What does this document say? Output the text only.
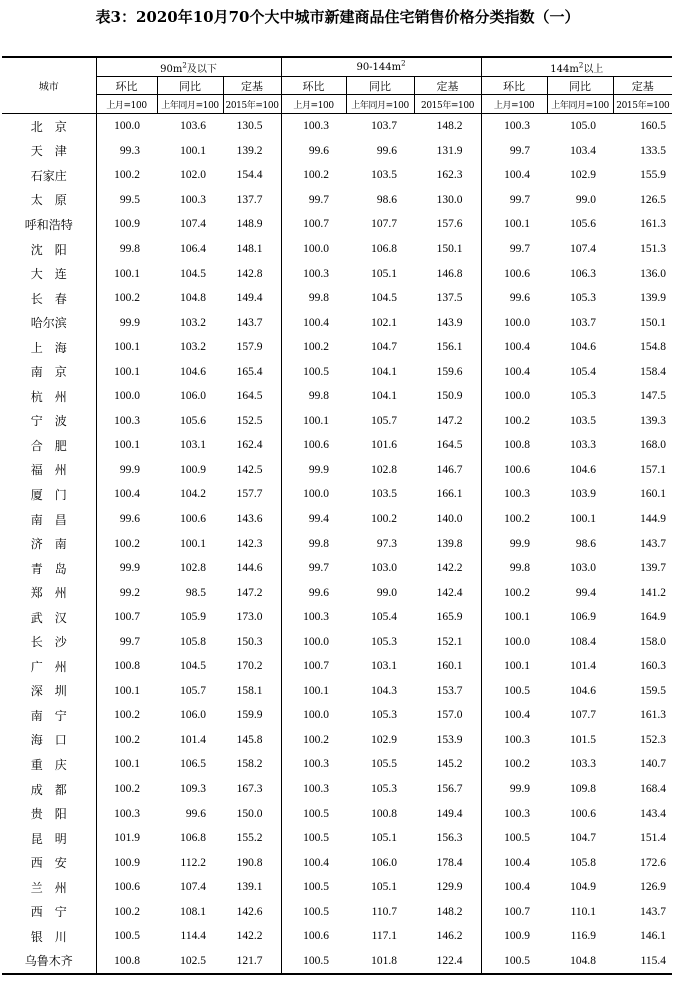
表3：2020年10月70个大中城市新建商品住宅销售价格分类指数（一）
城市	$90m^2$及以下			$90-144m^2$			$144m^2$以上		
	环比	同比	定基	环比	同比	定基	环比	同比	定基
	上月=100	上年同月=100	2015年=100	上月=100	上年同月=100	2015年=100	上月=100	上年同月=100	2015年=100
北　京	100.0	103.6	130.5	100.3	103.7	148.2	100.3	105.0	160.5
天　津	99.3	100.1	139.2	99.6	99.6	131.9	99.7	103.4	133.5
石家庄	100.2	102.0	154.4	100.2	103.5	162.3	100.4	102.9	155.9
太　原	99.5	100.3	137.7	99.7	98.6	130.0	99.7	99.0	126.5
呼和浩特	100.9	107.4	148.9	100.7	107.7	157.6	100.1	105.6	161.3
沈　阳	99.8	106.4	148.1	100.0	106.8	150.1	99.7	107.4	151.3
大　连	100.1	104.5	142.8	100.3	105.1	146.8	100.6	106.3	136.0
长　春	100.2	104.8	149.4	99.8	104.5	137.5	99.6	105.3	139.9
哈尔滨	99.9	103.2	143.7	100.4	102.1	143.9	100.0	103.7	150.1
上　海	100.1	103.2	157.9	100.2	104.7	156.1	100.4	104.6	154.8
南　京	100.1	104.6	165.4	100.5	104.1	159.6	100.4	105.4	158.4
杭　州	100.0	106.0	164.5	99.8	104.1	150.9	100.0	105.3	147.5
宁　波	100.3	105.6	152.5	100.1	105.7	147.2	100.2	103.5	139.3
合　肥	100.1	103.1	162.4	100.6	101.6	164.5	100.8	103.3	168.0
福　州	99.9	100.9	142.5	99.9	102.8	146.7	100.6	104.6	157.1
厦　门	100.4	104.2	157.7	100.0	103.5	166.1	100.3	103.9	160.1
南　昌	99.6	100.6	143.6	99.4	100.2	140.0	100.2	100.1	144.9
济　南	100.2	100.1	142.3	99.8	97.3	139.8	99.9	98.6	143.7
青　岛	99.9	102.8	144.6	99.7	103.0	142.2	99.8	103.0	139.7
郑　州	99.2	98.5	147.2	99.6	99.0	142.4	100.2	99.4	141.2
武　汉	100.7	105.9	173.0	100.3	105.4	165.9	100.1	106.9	164.9
长　沙	99.7	105.8	150.3	100.0	105.3	152.1	100.0	108.4	158.0
广　州	100.8	104.5	170.2	100.7	103.1	160.1	100.1	101.4	160.3
深　圳	100.1	105.7	158.1	100.1	104.3	153.7	100.5	104.6	159.5
南　宁	100.2	106.0	159.9	100.0	105.3	157.0	100.4	107.7	161.3
海　口	100.2	101.4	145.8	100.2	102.9	153.9	100.3	101.5	152.3
重　庆	100.1	106.5	158.2	100.3	105.5	145.2	100.2	103.3	140.7
成　都	100.2	109.3	167.3	100.3	105.3	156.7	99.9	109.8	168.4
贵　阳	100.3	99.6	150.0	100.5	100.8	149.4	100.3	100.6	143.4
昆　明	101.9	106.8	155.2	100.5	105.1	156.3	100.5	104.7	151.4
西　安	100.9	112.2	190.8	100.4	106.0	178.4	100.4	105.8	172.6
兰　州	100.6	107.4	139.1	100.5	105.1	129.9	100.4	104.9	126.9
西　宁	100.2	108.1	142.6	100.5	110.7	148.2	100.7	110.1	143.7
银　川	100.5	114.4	142.2	100.6	117.1	146.2	100.9	116.9	146.1
乌鲁木齐	100.8	102.5	121.7	100.5	101.8	122.4	100.5	104.8	115.4
